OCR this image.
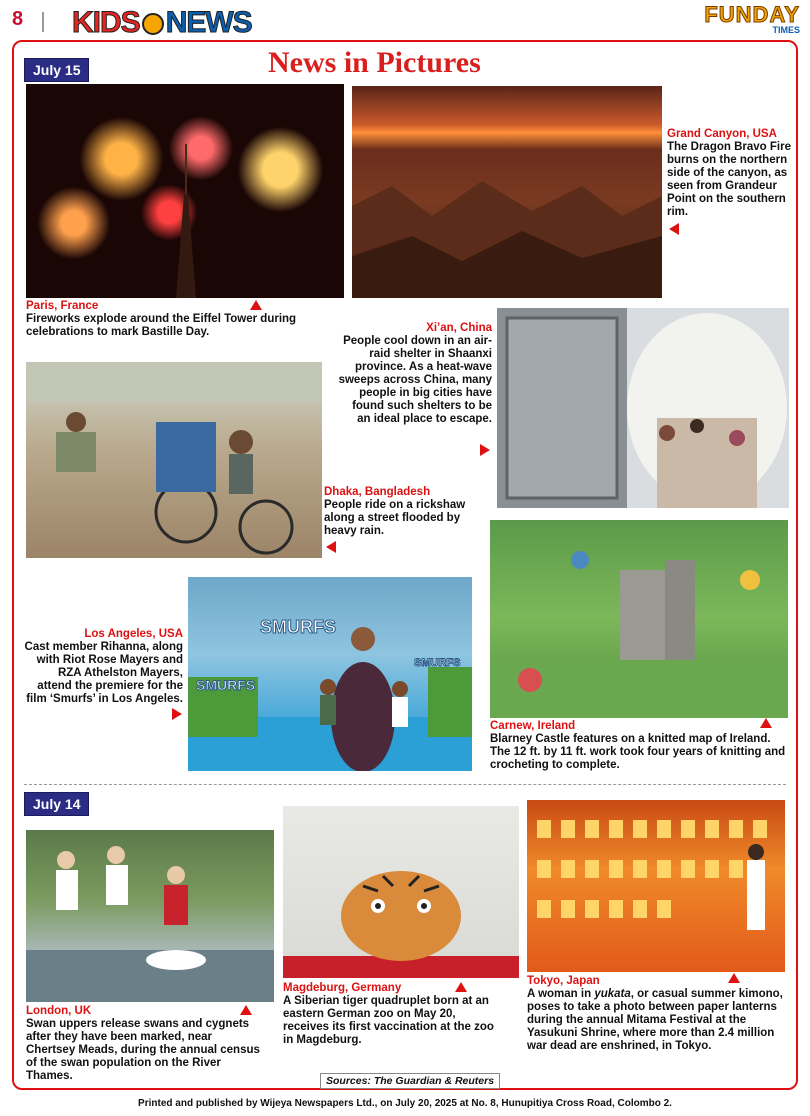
8 KIDS NEWS	FUNDAY
TIMES
July 15	News in Pictures
Paris, France
Fireworks explode around the Eiffel Tower during celebrations to mark Bastille Day.
Grand Canyon, USA
The Dragon Bravo Fire burns on the northern side of the canyon, as seen from Grandeur Point on the southern rim.
Xi’an, China
People cool down in an air-raid shelter in Shaanxi province. As a heat-wave sweeps across China, many people in big cities have found such shelters to be an ideal place to escape.
Dhaka, Bangladesh
People ride on a rickshaw along a street flooded by heavy rain.
Carnew, Ireland
Blarney Castle features on a knitted map of Ireland. The 12 ft. by 11 ft. work took four years of knitting and crocheting to complete.
Los Angeles, USA
Cast member Rihanna, along with Riot Rose Mayers and RZA Athelston Mayers, attend the premiere for the film ‘Smurfs’ in Los Angeles.
SMURFS
SMURFS
SMURFS
July 14
London, UK
Swan uppers release swans and cygnets after they have been marked, near Chertsey Meads, during the annual census of the swan population on the River Thames.
Magdeburg, Germany
A Siberian tiger quadruplet born at an eastern German zoo on May 20, receives its first vaccination at the zoo in Magdeburg.
Tokyo, Japan
A woman in yukata, or casual summer kimono, poses to take a photo between paper lanterns during the annual Mitama Festival at the Yasukuni Shrine, where more than 2.4 million war dead are enshrined, in Tokyo.
Sources: The Guardian & Reuters
Printed and published by Wijeya Newspapers Ltd., on July 20, 2025 at No. 8, Hunupitiya Cross Road, Colombo 2.
